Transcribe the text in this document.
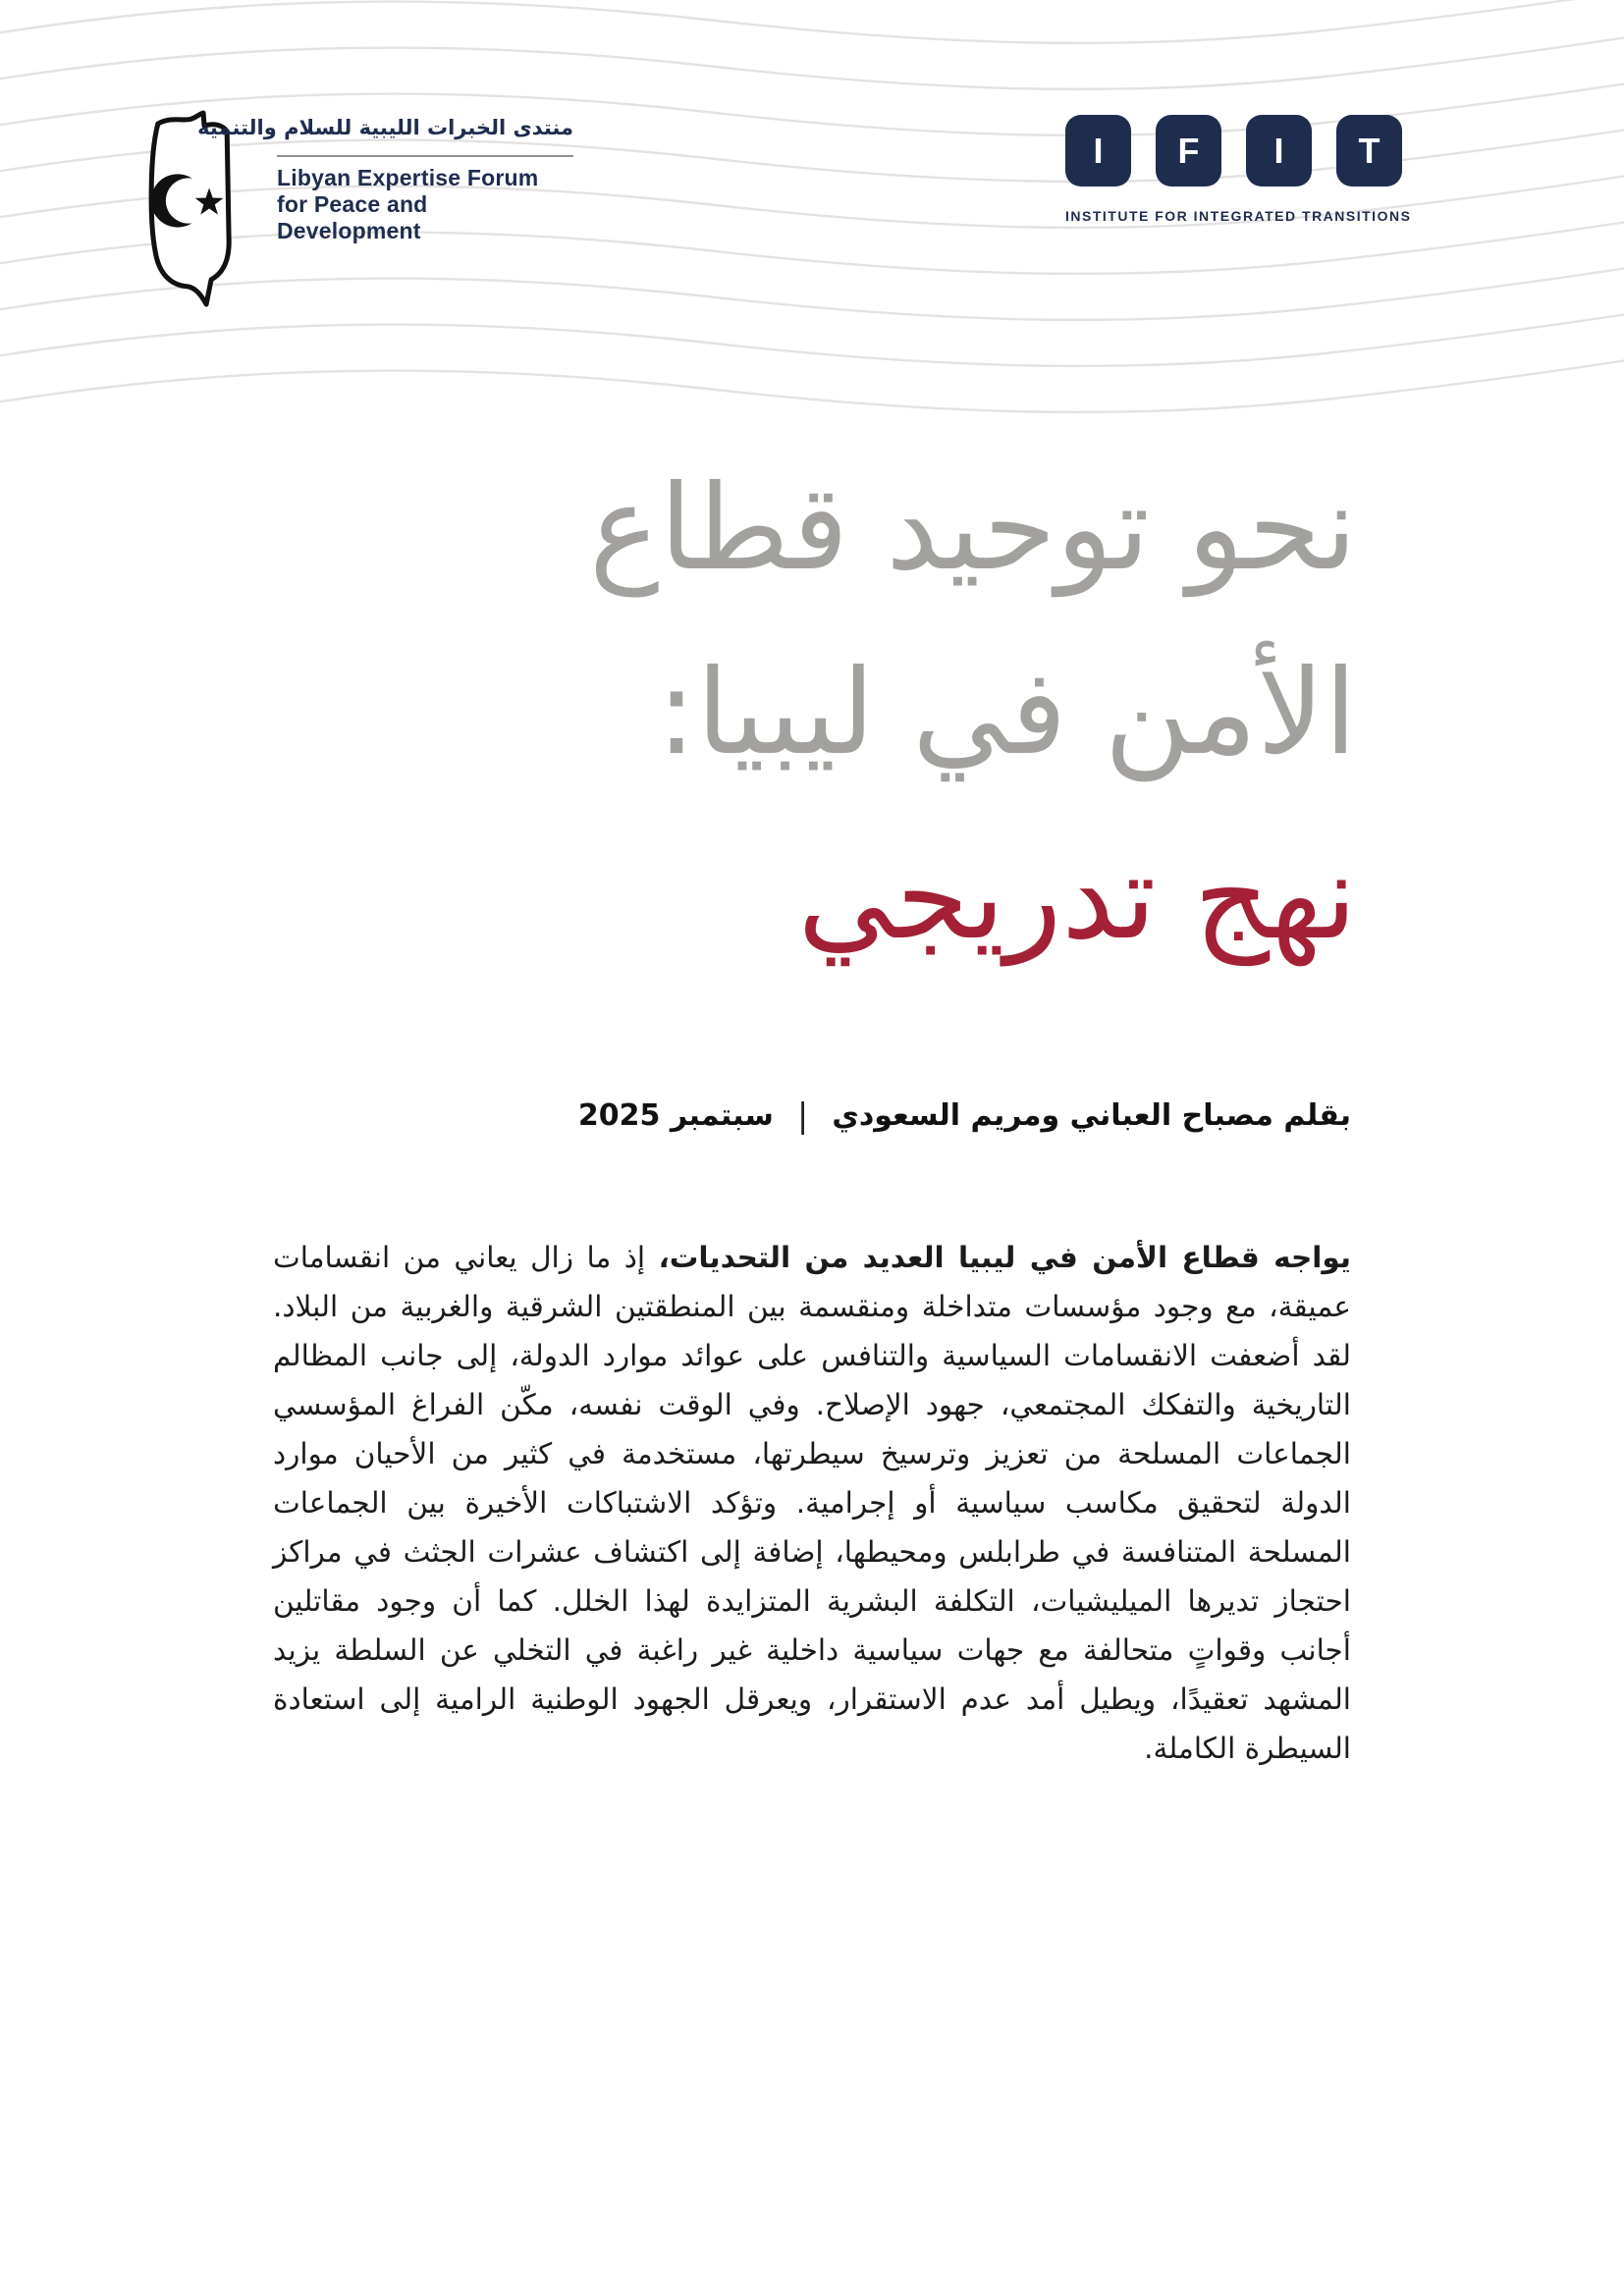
منتدى الخبرات الليبية للسلام والتنمية
Libyan Expertise Forum
for Peace and Development
I F I T
INSTITUTE FOR INTEGRATED TRANSITIONS
نحو توحيد قطاع
الأمن في ليبيا:
نهج تدريجي
بقلم مصباح العباني ومريم السعودي|سبتمبر 2025

يواجه قطاع الأمن في ليبيا العديد من التحديات، إذ ما زال يعاني من انقسامات عميقة، مع وجود مؤسسات متداخلة ومنقسمة بين المنطقتين الشرقية والغربية من البلاد. لقد أضعفت الانقسامات السياسية والتنافس على عوائد موارد الدولة، إلى جانب المظالم التاريخية والتفكك المجتمعي، جهود الإصلاح. وفي الوقت نفسه، مكّن الفراغ المؤسسي الجماعات المسلحة من تعزيز وترسيخ سيطرتها، مستخدمة في كثير من الأحيان موارد الدولة لتحقيق مكاسب سياسية أو إجرامية. وتؤكد الاشتباكات الأخيرة بين الجماعات المسلحة المتنافسة في طرابلس ومحيطها، إضافة إلى اكتشاف عشرات الجثث في مراكز احتجاز تديرها الميليشيات، التكلفة البشرية المتزايدة لهذا الخلل. كما أن وجود مقاتلين أجانب وقواتٍ متحالفة مع جهات سياسية داخلية غير راغبة في التخلي عن السلطة يزيد المشهد تعقيدًا، ويطيل أمد عدم الاستقرار، ويعرقل الجهود الوطنية الرامية إلى استعادة السيطرة الكاملة.
